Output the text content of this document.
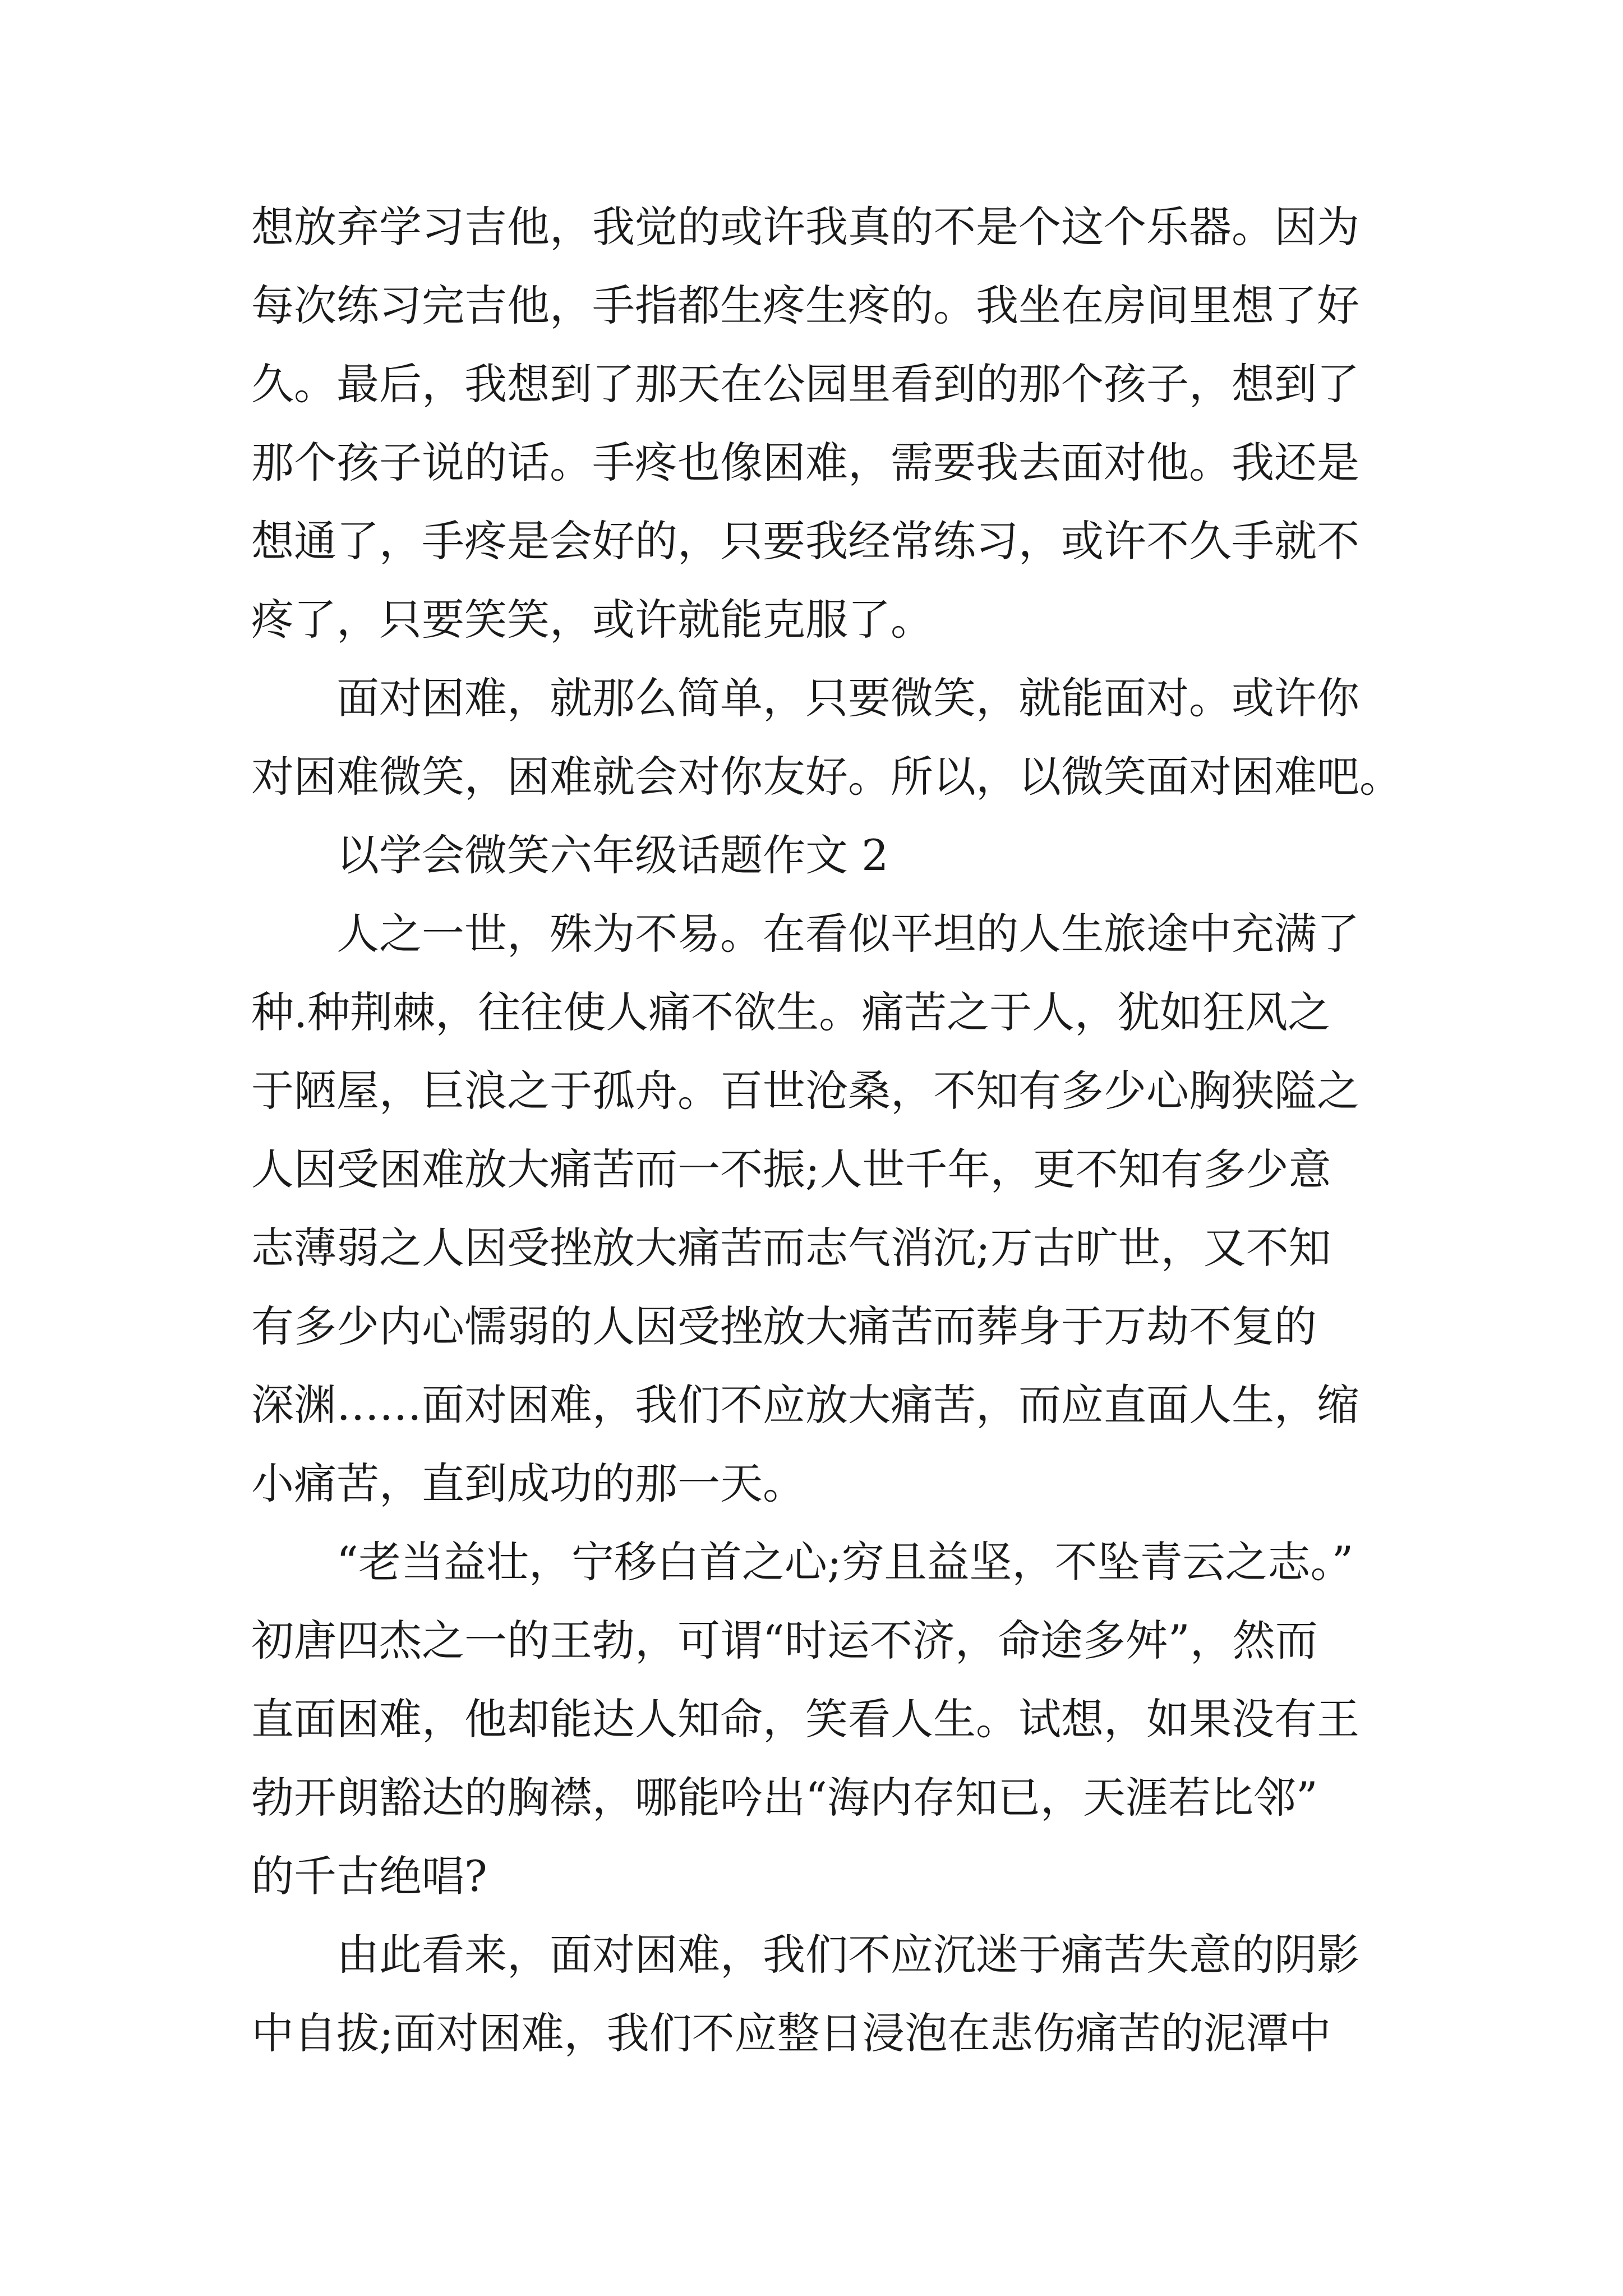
想放弃学习吉他，我觉的或许我真的不是个这个乐器。因为
每次练习完吉他，手指都生疼生疼的。我坐在房间里想了好
久。最后，我想到了那天在公园里看到的那个孩子，想到了
那个孩子说的话。手疼也像困难，需要我去面对他。我还是
想通了，手疼是会好的，只要我经常练习，或许不久手就不
疼了，只要笑笑，或许就能克服了。
面对困难，就那么简单，只要微笑，就能面对。或许你
对困难微笑，困难就会对你友好。所以，以微笑面对困难吧。
以学会微笑六年级话题作文 2
人之一世，殊为不易。在看似平坦的人生旅途中充满了
种.种荆棘，往往使人痛不欲生。痛苦之于人，犹如狂风之
于陋屋，巨浪之于孤舟。百世沧桑，不知有多少心胸狭隘之
人因受困难放大痛苦而一不振;人世千年，更不知有多少意
志薄弱之人因受挫放大痛苦而志气消沉;万古旷世，又不知
有多少内心懦弱的人因受挫放大痛苦而葬身于万劫不复的
深渊……面对困难，我们不应放大痛苦，而应直面人生，缩
小痛苦，直到成功的那一天。
“老当益壮，宁移白首之心;穷且益坚，不坠青云之志。”
初唐四杰之一的王勃，可谓“时运不济，命途多舛”，然而
直面困难，他却能达人知命，笑看人生。试想，如果没有王
勃开朗豁达的胸襟，哪能吟出“海内存知已，天涯若比邻”
的千古绝唱?
由此看来，面对困难，我们不应沉迷于痛苦失意的阴影
中自拔;面对困难，我们不应整日浸泡在悲伤痛苦的泥潭中
